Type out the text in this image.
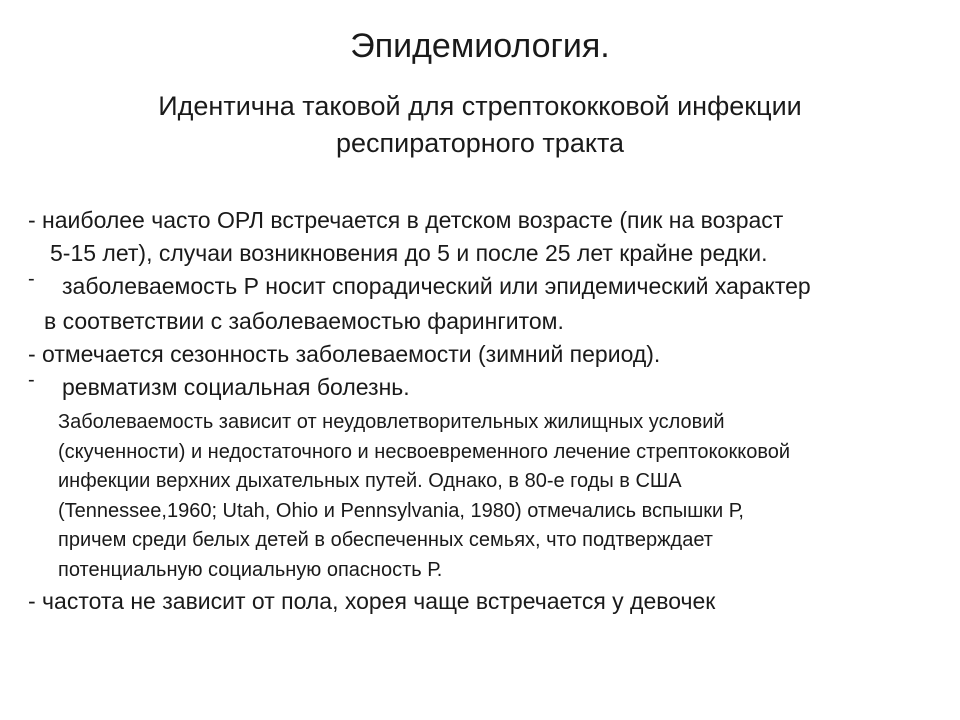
Эпидемиология.
Идентична таковой для стрептококковой инфекции
респираторного тракта

- наиболее часто ОРЛ встречается в детском возрасте (пик на возраст

5-15 лет), случаи возникновения до 5 и после 25 лет крайне редки.

- заболеваемость Р носит спорадический или эпидемический характер

в соответствии с заболеваемостью фарингитом.

- отмечается сезонность заболеваемости (зимний период).

- ревматизм социальная болезнь.

Заболеваемость зависит от неудовлетворительных жилищных условий

(скученности) и недостаточного и несвоевременного лечение стрептококковой

инфекции верхних дыхательных путей. Однако, в 80-е годы в США

(Tennessee,1960; Utah, Ohio и Pennsylvania, 1980) отмечались вспышки Р,

причем среди белых детей в обеспеченных семьях, что подтверждает

потенциальную социальную опасность Р.

- частота не зависит от пола, хорея чаще встречается у девочек
